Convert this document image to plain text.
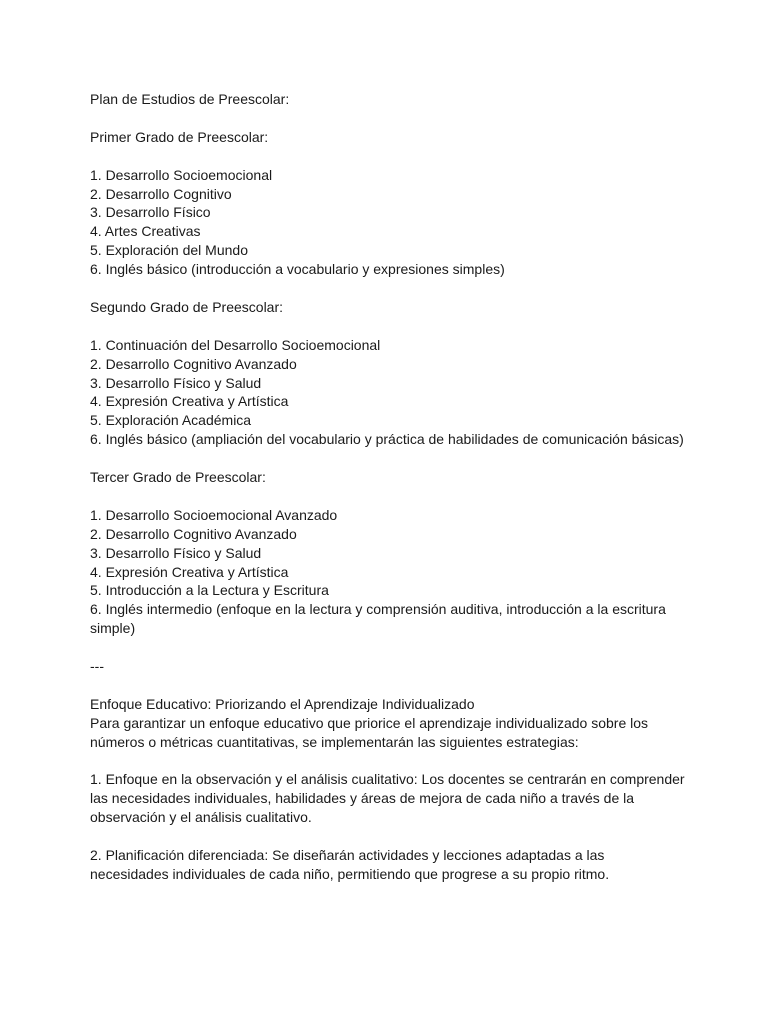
Plan de Estudios de Preescolar:
Primer Grado de Preescolar:
1. Desarrollo Socioemocional
2. Desarrollo Cognitivo
3. Desarrollo Físico
4. Artes Creativas
5. Exploración del Mundo
6. Inglés básico (introducción a vocabulario y expresiones simples)
Segundo Grado de Preescolar:
1. Continuación del Desarrollo Socioemocional
2. Desarrollo Cognitivo Avanzado
3. Desarrollo Físico y Salud
4. Expresión Creativa y Artística
5. Exploración Académica
6. Inglés básico (ampliación del vocabulario y práctica de habilidades de comunicación básicas)
Tercer Grado de Preescolar:
1. Desarrollo Socioemocional Avanzado
2. Desarrollo Cognitivo Avanzado
3. Desarrollo Físico y Salud
4. Expresión Creativa y Artística
5. Introducción a la Lectura y Escritura
6. Inglés intermedio (enfoque en la lectura y comprensión auditiva, introducción a la escritura
simple)
---
Enfoque Educativo: Priorizando el Aprendizaje Individualizado
Para garantizar un enfoque educativo que priorice el aprendizaje individualizado sobre los
números o métricas cuantitativas, se implementarán las siguientes estrategias:
1. Enfoque en la observación y el análisis cualitativo: Los docentes se centrarán en comprender
las necesidades individuales, habilidades y áreas de mejora de cada niño a través de la
observación y el análisis cualitativo.
2. Planificación diferenciada: Se diseñarán actividades y lecciones adaptadas a las
necesidades individuales de cada niño, permitiendo que progrese a su propio ritmo.
